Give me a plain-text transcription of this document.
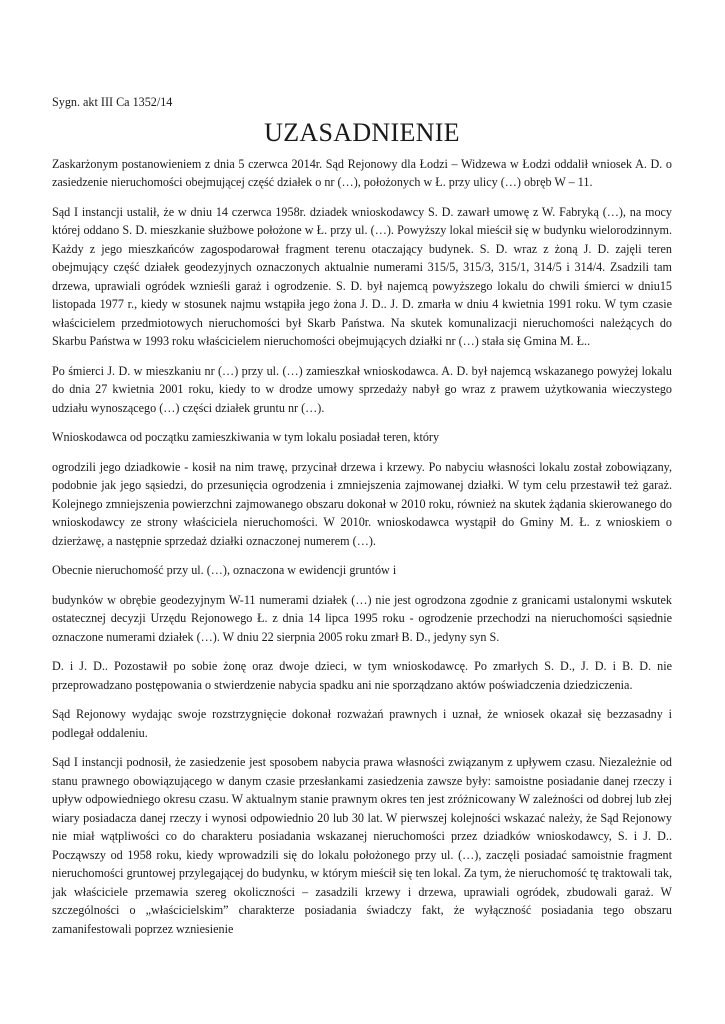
Sygn. akt III Ca 1352/14
UZASADNIENIE

Zaskarżonym postanowieniem z dnia 5 czerwca 2014r. Sąd Rejonowy dla Łodzi – Widzewa w Łodzi oddalił wniosek A. D. o zasiedzenie nieruchomości obejmującej część działek o nr (…), położonych w Ł. przy ulicy (…) obręb W – 11.

Sąd I instancji ustalił, że w dniu 14 czerwca 1958r. dziadek wnioskodawcy S. D. zawarł umowę z W. Fabryką (…), na mocy której oddano S. D. mieszkanie służbowe położone w Ł. przy ul. (…). Powyższy lokal mieścił się w budynku wielorodzinnym. Każdy z jego mieszkańców zagospodarował fragment terenu otaczający budynek. S. D. wraz z żoną J. D. zajęli teren obejmujący część działek geodezyjnych oznaczonych aktualnie numerami 315/5, 315/3, 315/1, 314/5 i 314/4. Zsadzili tam drzewa, uprawiali ogródek wznieśli garaż i ogrodzenie. S. D. był najemcą powyższego lokalu do chwili śmierci w dniu15 listopada 1977 r., kiedy w stosunek najmu wstąpiła jego żona J. D.. J. D. zmarła w dniu 4 kwietnia 1991 roku. W tym czasie właścicielem przedmiotowych nieruchomości był Skarb Państwa. Na skutek komunalizacji nieruchomości należących do Skarbu Państwa w 1993 roku właścicielem nieruchomości obejmujących działki nr (…) stała się Gmina M. Ł..

Po śmierci J. D. w mieszkaniu nr (…) przy ul. (…) zamieszkał wnioskodawca. A. D. był najemcą wskazanego powyżej lokalu do dnia 27 kwietnia 2001 roku, kiedy to w drodze umowy sprzedaży nabył go wraz z prawem użytkowania wieczystego udziału wynoszącego (…) części działek gruntu nr (…).

Wnioskodawca od początku zamieszkiwania w tym lokalu posiadał teren, który

ogrodzili jego dziadkowie - kosił na nim trawę, przycinał drzewa i krzewy. Po nabyciu własności lokalu został zobowiązany, podobnie jak jego sąsiedzi, do przesunięcia ogrodzenia i zmniejszenia zajmowanej działki. W tym celu przestawił też garaż. Kolejnego zmniejszenia powierzchni zajmowanego obszaru dokonał w 2010 roku, również na skutek żądania skierowanego do wnioskodawcy ze strony właściciela nieruchomości. W 2010r. wnioskodawca wystąpił do Gminy M. Ł. z wnioskiem o dzierżawę, a następnie sprzedaż działki oznaczonej numerem (…).

Obecnie nieruchomość przy ul. (…), oznaczona w ewidencji gruntów i

budynków w obrębie geodezyjnym W-11 numerami działek (…) nie jest ogrodzona zgodnie z granicami ustalonymi wskutek ostatecznej decyzji Urzędu Rejonowego Ł. z dnia 14 lipca 1995 roku - ogrodzenie przechodzi na nieruchomości sąsiednie oznaczone numerami działek (…). W dniu 22 sierpnia 2005 roku zmarł B. D., jedyny syn S.

D. i J. D.. Pozostawił po sobie żonę oraz dwoje dzieci, w tym wnioskodawcę. Po zmarłych S. D., J. D. i B. D. nie przeprowadzano postępowania o stwierdzenie nabycia spadku ani nie sporządzano aktów poświadczenia dziedziczenia.

Sąd Rejonowy wydając swoje rozstrzygnięcie dokonał rozważań prawnych i uznał, że wniosek okazał się bezzasadny i podlegał oddaleniu.

Sąd I instancji podnosił, że zasiedzenie jest sposobem nabycia prawa własności związanym z upływem czasu. Niezależnie od stanu prawnego obowiązującego w danym czasie przesłankami zasiedzenia zawsze były: samoistne posiadanie danej rzeczy i upływ odpowiedniego okresu czasu. W aktualnym stanie prawnym okres ten jest zróżnicowany W zależności od dobrej lub złej wiary posiadacza danej rzeczy i wynosi odpowiednio 20 lub 30 lat. W pierwszej kolejności wskazać należy, że Sąd Rejonowy nie miał wątpliwości co do charakteru posiadania wskazanej nieruchomości przez dziadków wnioskodawcy, S. i J. D.. Począwszy od 1958 roku, kiedy wprowadzili się do lokalu położonego przy ul. (…), zaczęli posiadać samoistnie fragment nieruchomości gruntowej przylegającej do budynku, w którym mieścił się ten lokal. Za tym, że nieruchomość tę traktowali tak, jak właściciele przemawia szereg okoliczności – zasadzili krzewy i drzewa, uprawiali ogródek, zbudowali garaż. W szczególności o „właścicielskim” charakterze posiadania świadczy fakt, że wyłączność posiadania tego obszaru zamanifestowali poprzez wzniesienie
